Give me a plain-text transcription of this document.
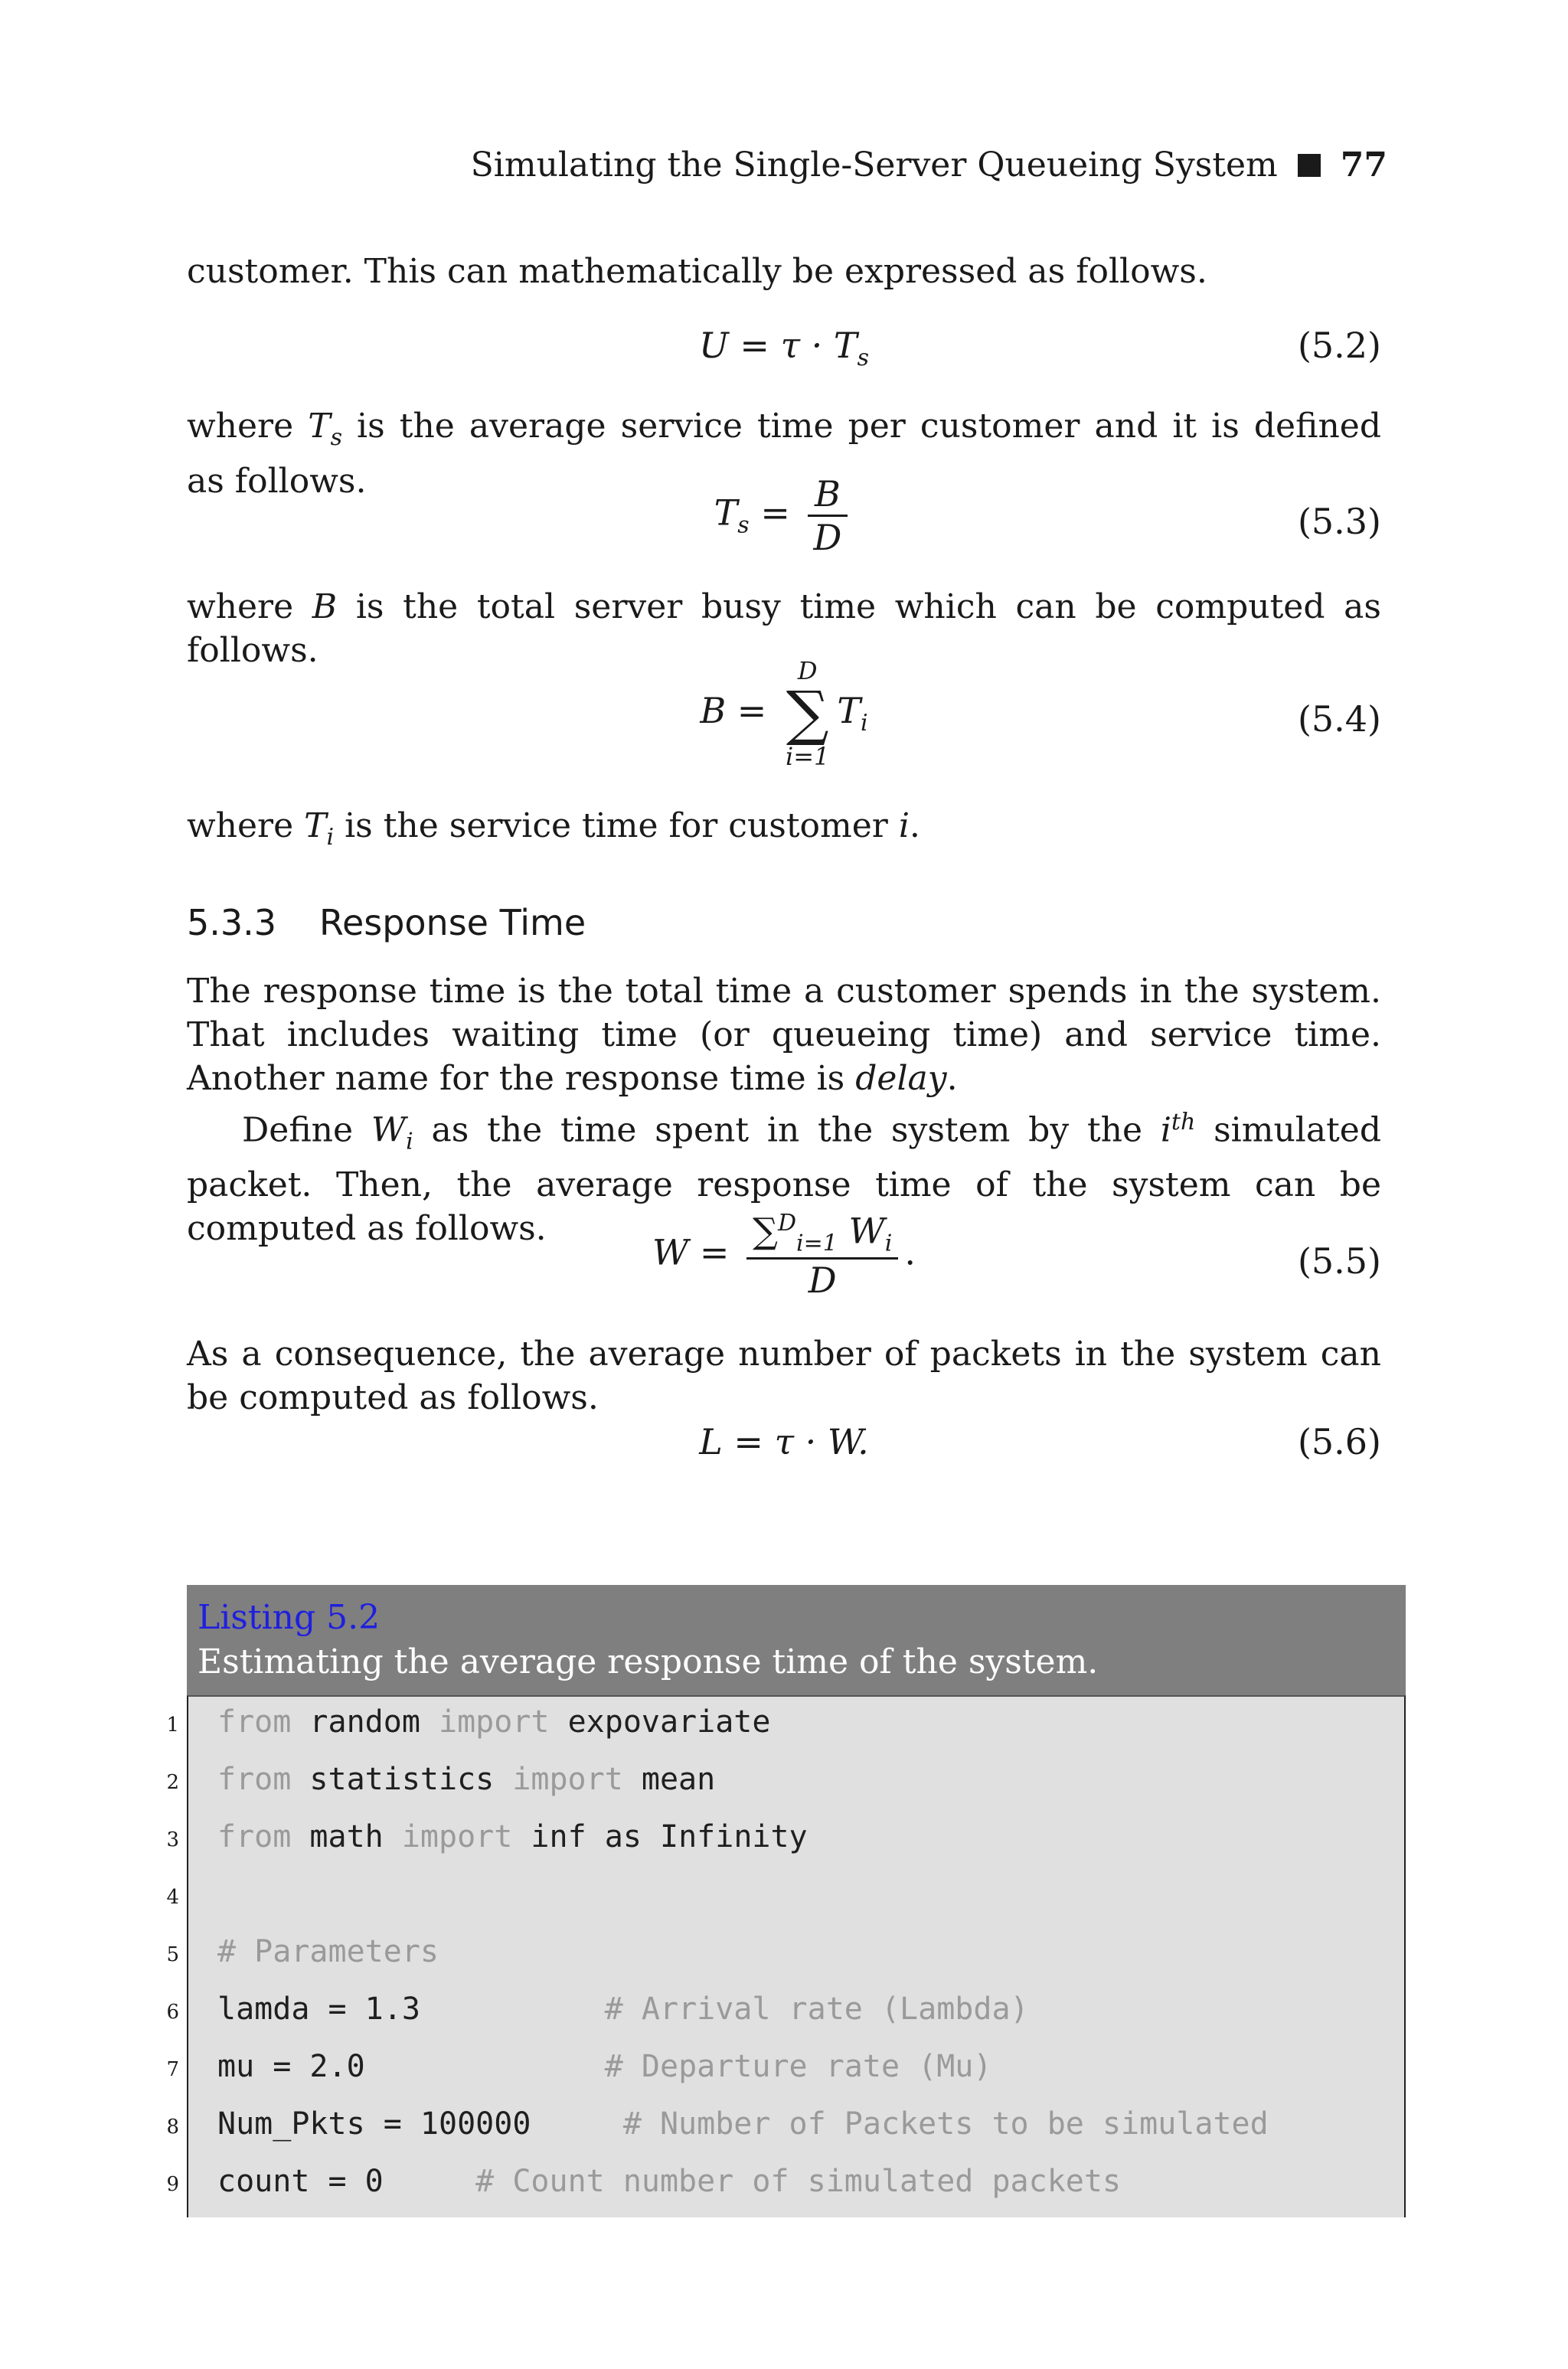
Simulating the Single-Server Queueing System 77
customer. This can mathematically be expressed as follows.
$U = \tau \cdot T_s$	(5.2)
where $T_s$ is the average service time per customer and it is defined as follows.
$T_s = \frac{B}{D}$	(5.3)
where B is the total server busy time which can be computed as follows.
B =
D
∑
i=1
$T_i$	(5.4)
where $T_i$ is the service time for customer i.
5.3.3 Response Time
The response time is the total time a customer spends in the system. That includes waiting time (or queueing time) and service time. Another name for the response time is delay.
Define $W_i$ as the time spent in the system by the $i^{th}$ simulated packet. Then, the average response time of the system can be computed as follows.
$W = \frac{\sum^D_{i=1} W_i}{D}$ .	(5.5)
As a consequence, the average number of packets in the system can be computed as follows.
L = τ · W.	(5.6)
Listing 5.2
Estimating the average response time of the system.
1 from random import expovariate
2 from statistics import mean
3 from math import inf as Infinity
4
5 # Parameters
6 lamda = 1.3          # Arrival rate (Lambda)
7 mu = 2.0             # Departure rate (Mu)
8 Num_Pkts = 100000     # Number of Packets to be simulated
9 count = 0     # Count number of simulated packets
